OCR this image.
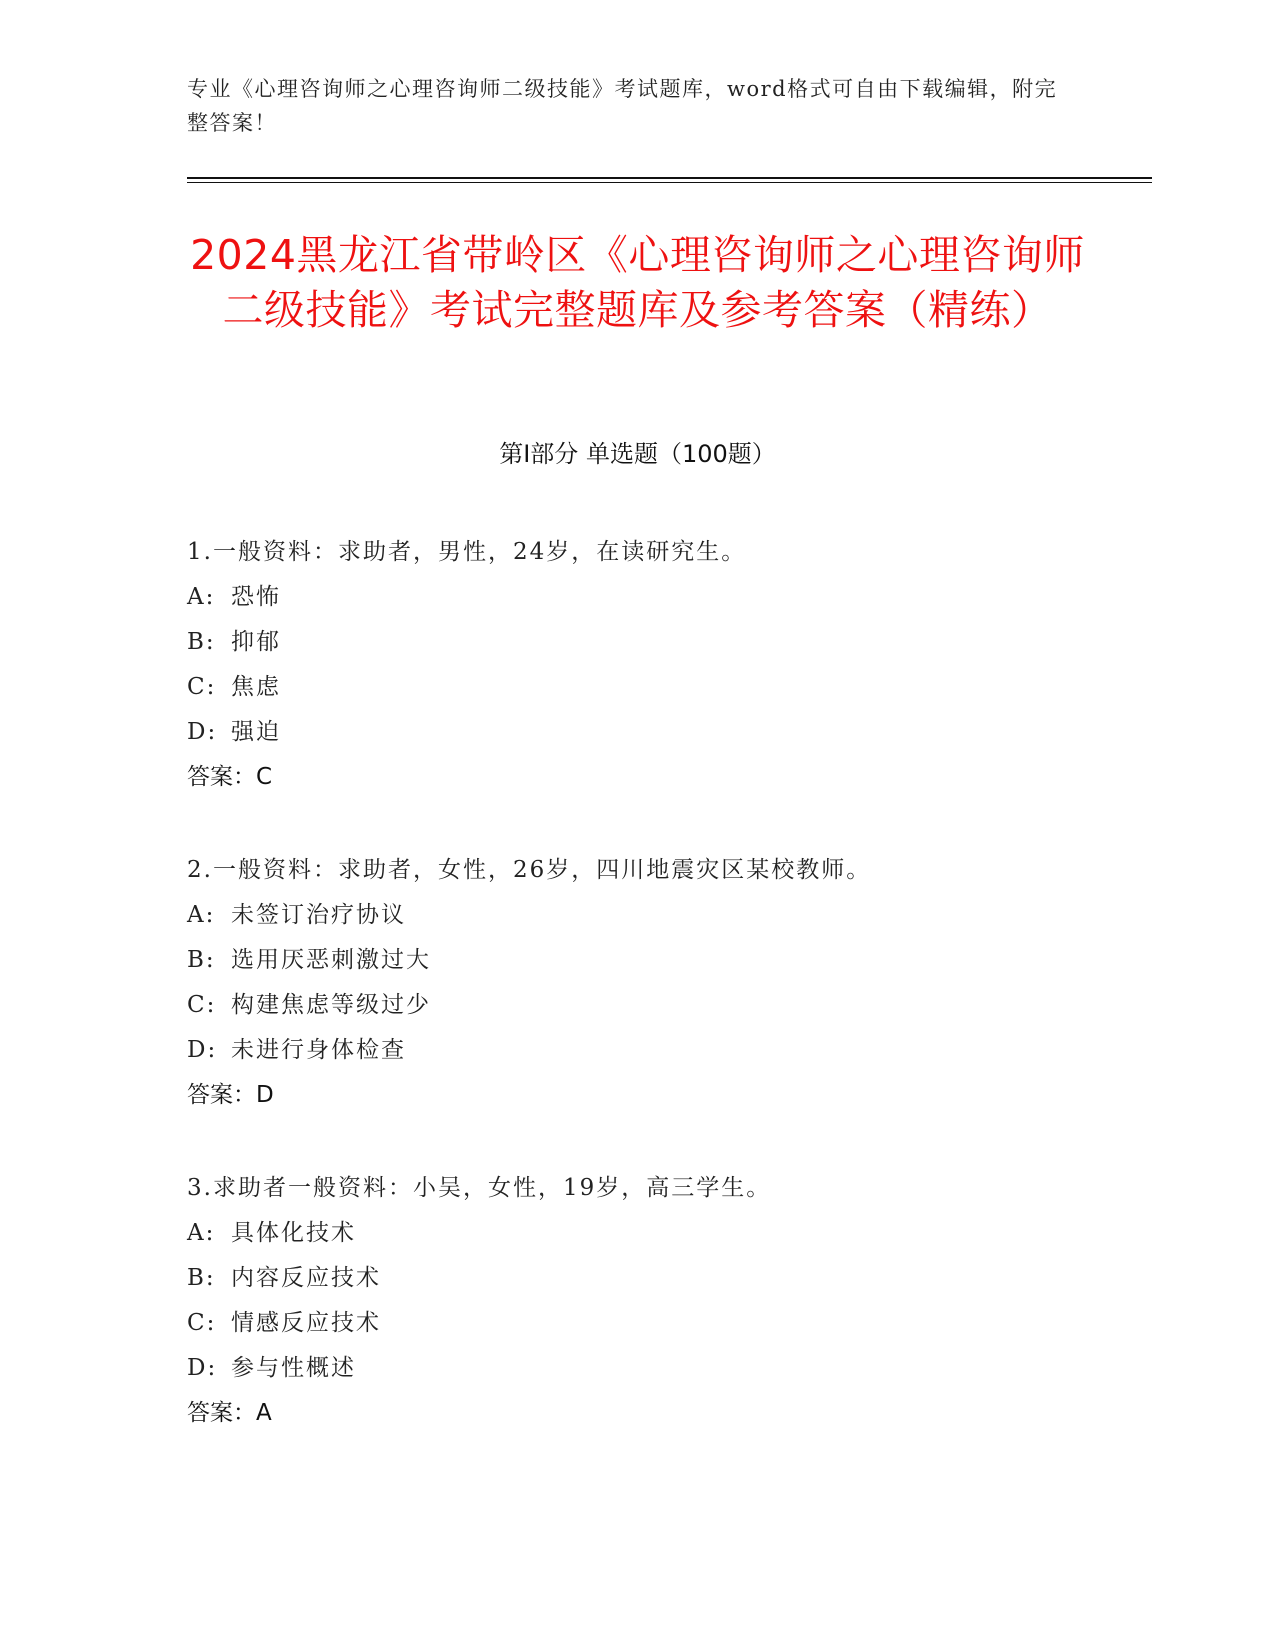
专业《心理咨询师之心理咨询师二级技能》考试题库，word格式可自由下载编辑，附完整答案！
2024黑龙江省带岭区《心理咨询师之心理咨询师二级技能》考试完整题库及参考答案（精练）
第Ⅰ部分 单选题（100题）
1.一般资料：求助者，男性，24岁，在读研究生。
A: 恐怖
B: 抑郁
C: 焦虑
D: 强迫
答案：C
2.一般资料：求助者，女性，26岁，四川地震灾区某校教师。
A: 未签订治疗协议
B: 选用厌恶刺激过大
C: 构建焦虑等级过少
D: 未进行身体检查
答案：D
3.求助者一般资料：小吴，女性，19岁，高三学生。
A: 具体化技术
B: 内容反应技术
C: 情感反应技术
D: 参与性概述
答案：A
